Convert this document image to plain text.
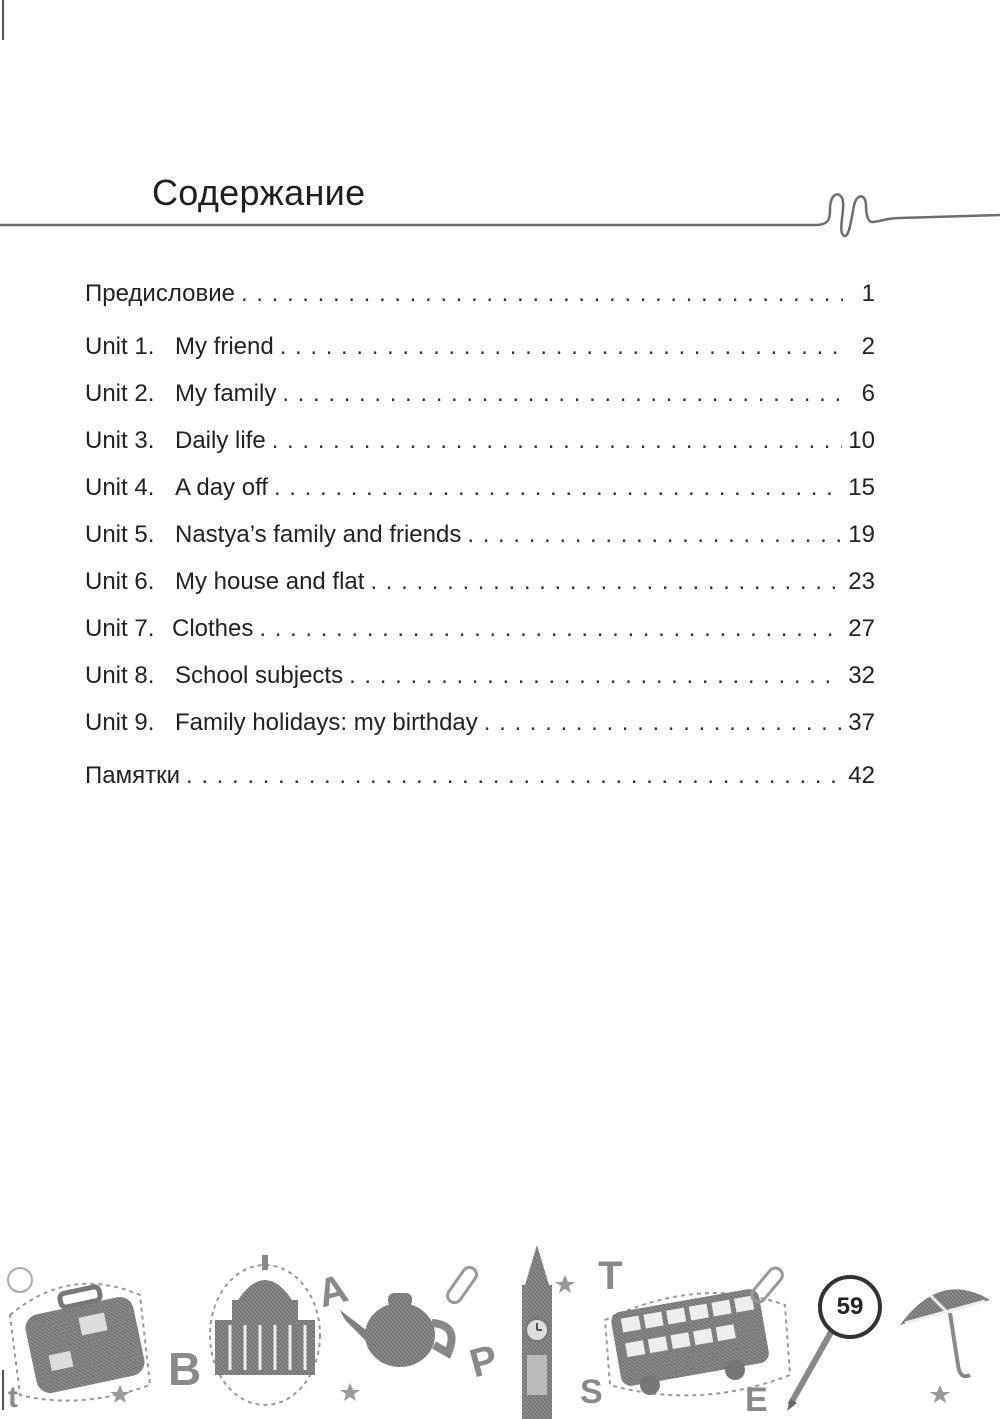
Содержание
Предисловие . . .	1
Unit 1. My friend . . .	2
Unit 2. My family . . .	6
Unit 3. Daily life . . .	10
Unit 4. A day off . . .	15
Unit 5. Nastya’s family and friends . . .	19
Unit 6. My house and flat . . .	23
Unit 7. Clothes . . .	27
Unit 8. School subjects . . .	32
Unit 9. Family holidays: my birthday . . .	37
Памятки . . .	42
t
B
A
P
S
T
E
59
